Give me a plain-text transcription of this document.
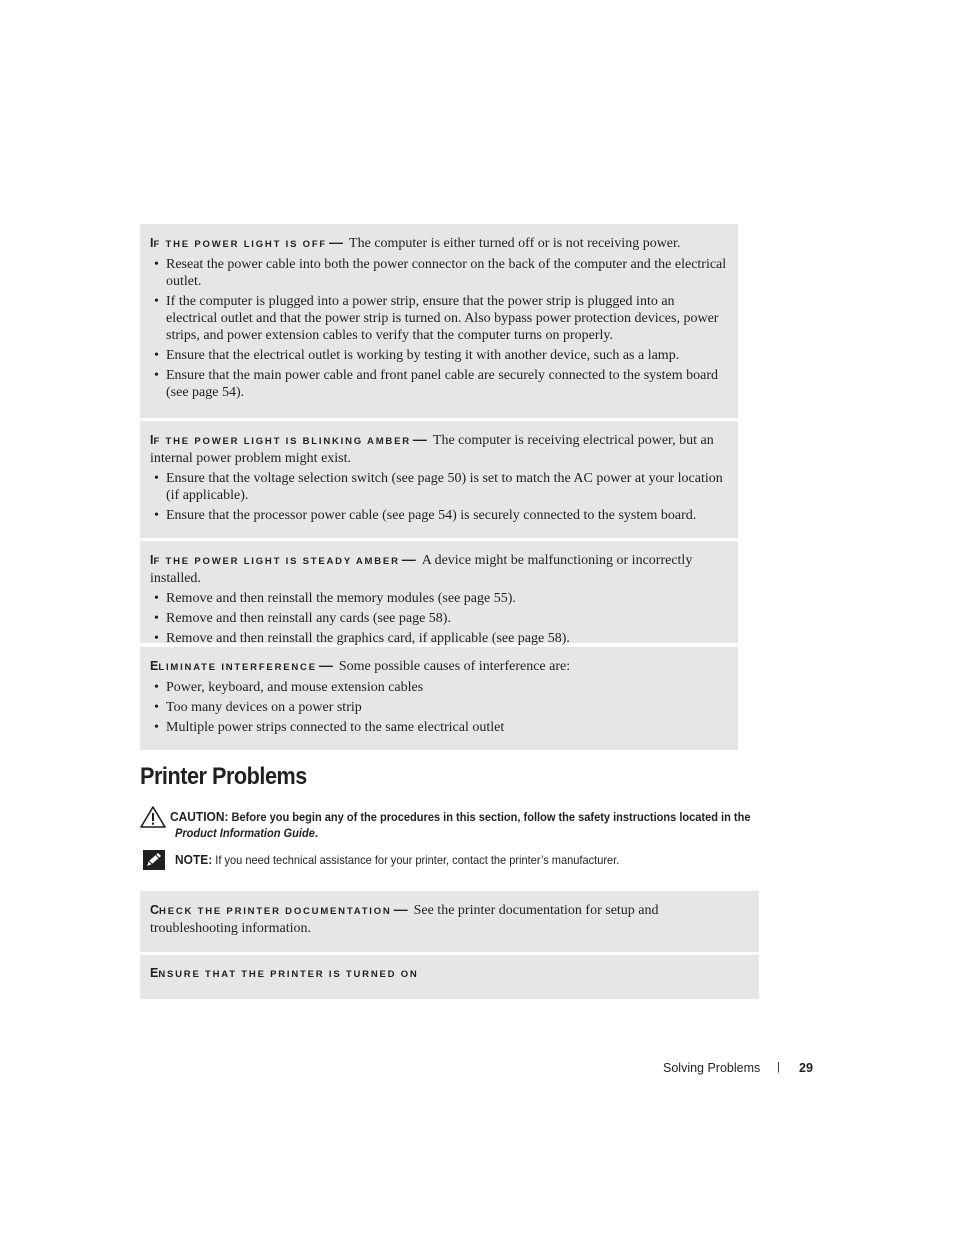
IF THE POWER LIGHT IS OFF — The computer is either turned off or is not receiving power.
• Reseat the power cable into both the power connector on the back of the computer and the electrical outlet.
• If the computer is plugged into a power strip, ensure that the power strip is plugged into an electrical outlet and that the power strip is turned on. Also bypass power protection devices, power strips, and power extension cables to verify that the computer turns on properly.
• Ensure that the electrical outlet is working by testing it with another device, such as a lamp.
• Ensure that the main power cable and front panel cable are securely connected to the system board (see page 54).
IF THE POWER LIGHT IS BLINKING AMBER — The computer is receiving electrical power, but an internal power problem might exist.
• Ensure that the voltage selection switch (see page 50) is set to match the AC power at your location (if applicable).
• Ensure that the processor power cable (see page 54) is securely connected to the system board.
IF THE POWER LIGHT IS STEADY AMBER — A device might be malfunctioning or incorrectly installed.
• Remove and then reinstall the memory modules (see page 55).
• Remove and then reinstall any cards (see page 58).
• Remove and then reinstall the graphics card, if applicable (see page 58).
ELIMINATE INTERFERENCE — Some possible causes of interference are:
• Power, keyboard, and mouse extension cables
• Too many devices on a power strip
• Multiple power strips connected to the same electrical outlet
Printer Problems
CAUTION: Before you begin any of the procedures in this section, follow the safety instructions located in the
Product Information Guide.
NOTE: If you need technical assistance for your printer, contact the printer’s manufacturer.
CHECK THE PRINTER DOCUMENTATION — See the printer documentation for setup and troubleshooting information.
ENSURE THAT THE PRINTER IS TURNED ON
Solving Problems | 29
